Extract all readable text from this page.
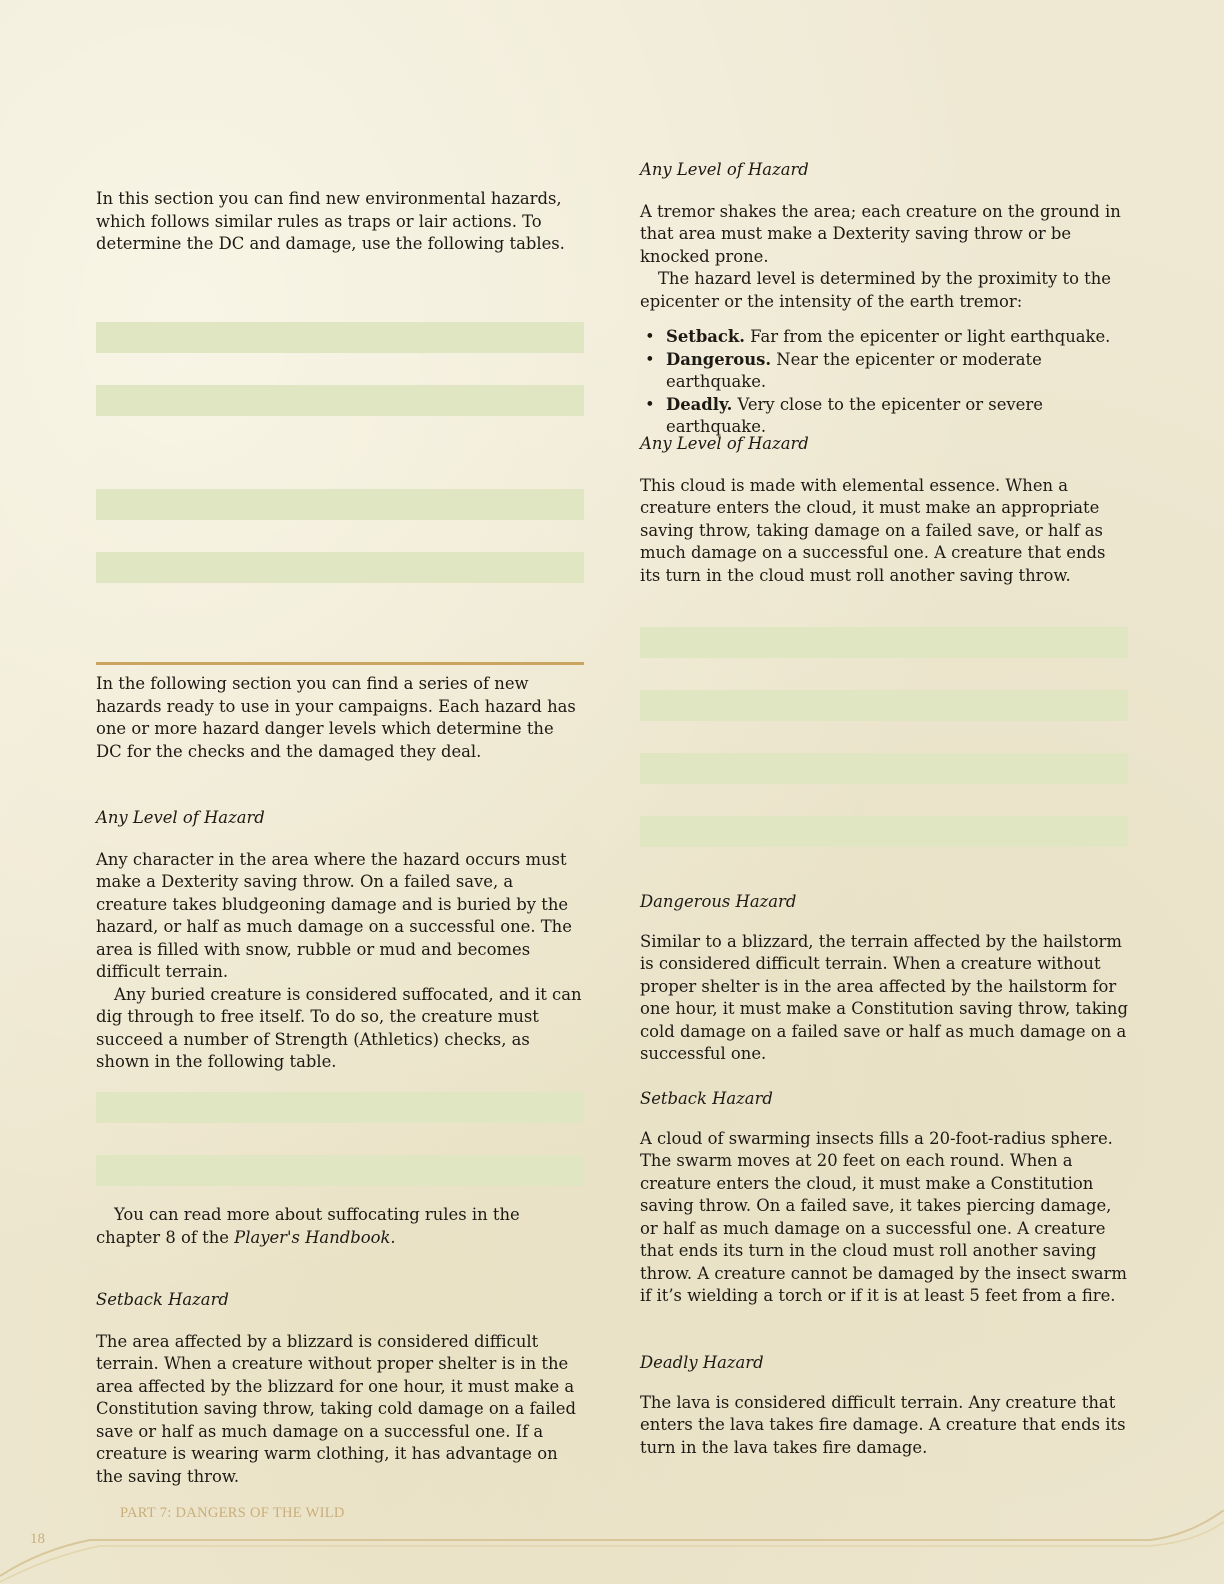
In this section you can find new environmental hazards, which follows similar rules as traps or lair actions. To determine the DC and damage, use the following tables.

In the following section you can find a series of new hazards ready to use in your campaigns. Each hazard has one or more hazard danger levels which determine the DC for the checks and the damaged they deal.

Any Level of Hazard

Any character in the area where the hazard occurs must make a Dexterity saving throw. On a failed save, a creature takes bludgeoning damage and is buried by the hazard, or half as much damage on a successful one. The area is filled with snow, rubble or mud and becomes difficult terrain.

Any buried creature is considered suffocated, and it can dig through to free itself. To do so, the creature must succeed a number of Strength (Athletics) checks, as shown in the following table.

You can read more about suffocating rules in the chapter 8 of the Player's Handbook.

Setback Hazard

The area affected by a blizzard is considered difficult terrain. When a creature without proper shelter is in the area affected by the blizzard for one hour, it must make a Constitution saving throw, taking cold damage on a failed save or half as much damage on a successful one. If a creature is wearing warm clothing, it has advantage on the saving throw.

Any Level of Hazard

A tremor shakes the area; each creature on the ground in that area must make a Dexterity saving throw or be knocked prone.

The hazard level is determined by the proximity to the epicenter or the intensity of the earth tremor:

• Setback. Far from the epicenter or light earthquake.
• Dangerous. Near the epicenter or moderate earthquake.
• Deadly. Very close to the epicenter or severe earthquake.

Any Level of Hazard

This cloud is made with elemental essence. When a creature enters the cloud, it must make an appropriate saving throw, taking damage on a failed save, or half as much damage on a successful one. A creature that ends its turn in the cloud must roll another saving throw.

Dangerous Hazard

Similar to a blizzard, the terrain affected by the hailstorm is considered difficult terrain. When a creature without proper shelter is in the area affected by the hailstorm for one hour, it must make a Constitution saving throw, taking cold damage on a failed save or half as much damage on a successful one.

Setback Hazard

A cloud of swarming insects fills a 20-foot-radius sphere. The swarm moves at 20 feet on each round. When a creature enters the cloud, it must make a Constitution saving throw. On a failed save, it takes piercing damage, or half as much damage on a successful one. A creature that ends its turn in the cloud must roll another saving throw. A creature cannot be damaged by the insect swarm if it’s wielding a torch or if it is at least 5 feet from a fire.

Deadly Hazard

The lava is considered difficult terrain. Any creature that enters the lava takes fire damage. A creature that ends its turn in the lava takes fire damage.

PART 7: DANGERS OF THE WILD
18
